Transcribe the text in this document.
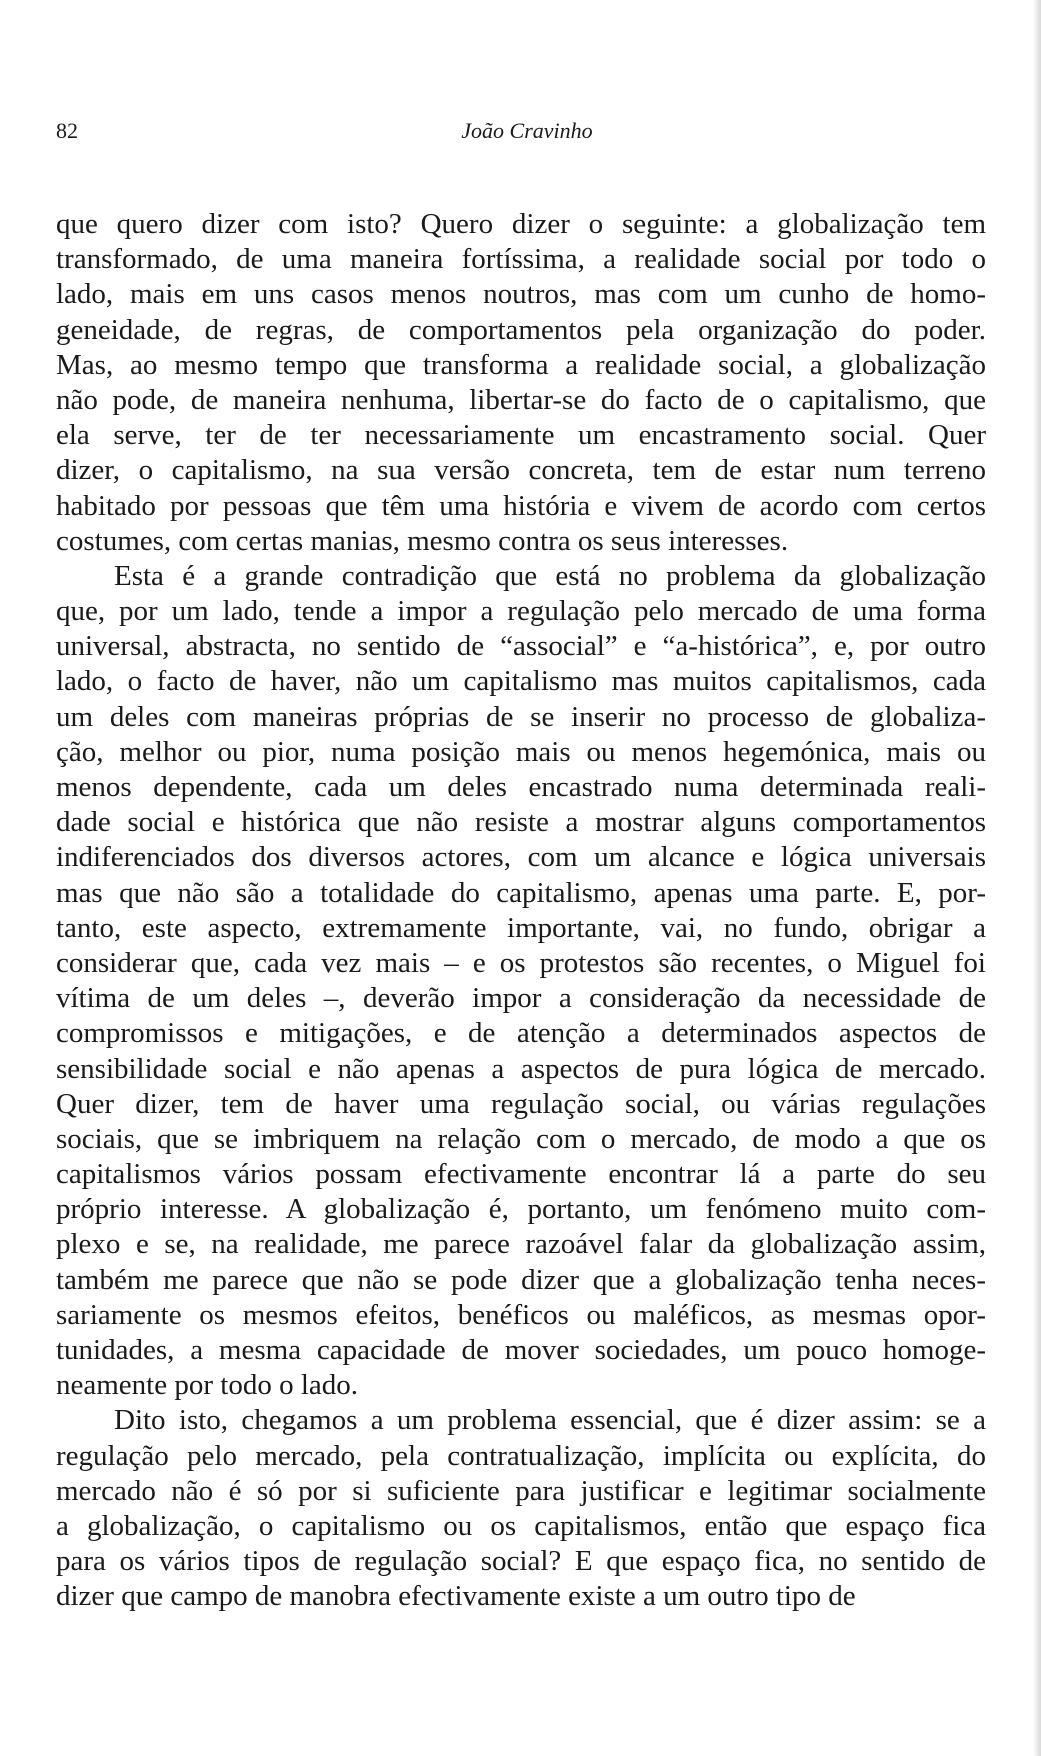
82	João Cravinho
que quero dizer com isto? Quero dizer o seguinte: a globalização tem
transformado, de uma maneira fortíssima, a realidade social por todo o
lado, mais em uns casos menos noutros, mas com um cunho de homo-
geneidade, de regras, de comportamentos pela organização do poder.
Mas, ao mesmo tempo que transforma a realidade social, a globalização
não pode, de maneira nenhuma, libertar-se do facto de o capitalismo, que
ela serve, ter de ter necessariamente um encastramento social. Quer
dizer, o capitalismo, na sua versão concreta, tem de estar num terreno
habitado por pessoas que têm uma história e vivem de acordo com certos
costumes, com certas manias, mesmo contra os seus interesses.
Esta é a grande contradição que está no problema da globalização
que, por um lado, tende a impor a regulação pelo mercado de uma forma
universal, abstracta, no sentido de “associal” e “a-histórica”, e, por outro
lado, o facto de haver, não um capitalismo mas muitos capitalismos, cada
um deles com maneiras próprias de se inserir no processo de globaliza-
ção, melhor ou pior, numa posição mais ou menos hegemónica, mais ou
menos dependente, cada um deles encastrado numa determinada reali-
dade social e histórica que não resiste a mostrar alguns comportamentos
indiferenciados dos diversos actores, com um alcance e lógica universais
mas que não são a totalidade do capitalismo, apenas uma parte. E, por-
tanto, este aspecto, extremamente importante, vai, no fundo, obrigar a
considerar que, cada vez mais – e os protestos são recentes, o Miguel foi
vítima de um deles –, deverão impor a consideração da necessidade de
compromissos e mitigações, e de atenção a determinados aspectos de
sensibilidade social e não apenas a aspectos de pura lógica de mercado.
Quer dizer, tem de haver uma regulação social, ou várias regulações
sociais, que se imbriquem na relação com o mercado, de modo a que os
capitalismos vários possam efectivamente encontrar lá a parte do seu
próprio interesse. A globalização é, portanto, um fenómeno muito com-
plexo e se, na realidade, me parece razoável falar da globalização assim,
também me parece que não se pode dizer que a globalização tenha neces-
sariamente os mesmos efeitos, benéficos ou maléficos, as mesmas opor-
tunidades, a mesma capacidade de mover sociedades, um pouco homoge-
neamente por todo o lado.
Dito isto, chegamos a um problema essencial, que é dizer assim: se a
regulação pelo mercado, pela contratualização, implícita ou explícita, do
mercado não é só por si suficiente para justificar e legitimar socialmente
a globalização, o capitalismo ou os capitalismos, então que espaço fica
para os vários tipos de regulação social? E que espaço fica, no sentido de
dizer que campo de manobra efectivamente existe a um outro tipo de
